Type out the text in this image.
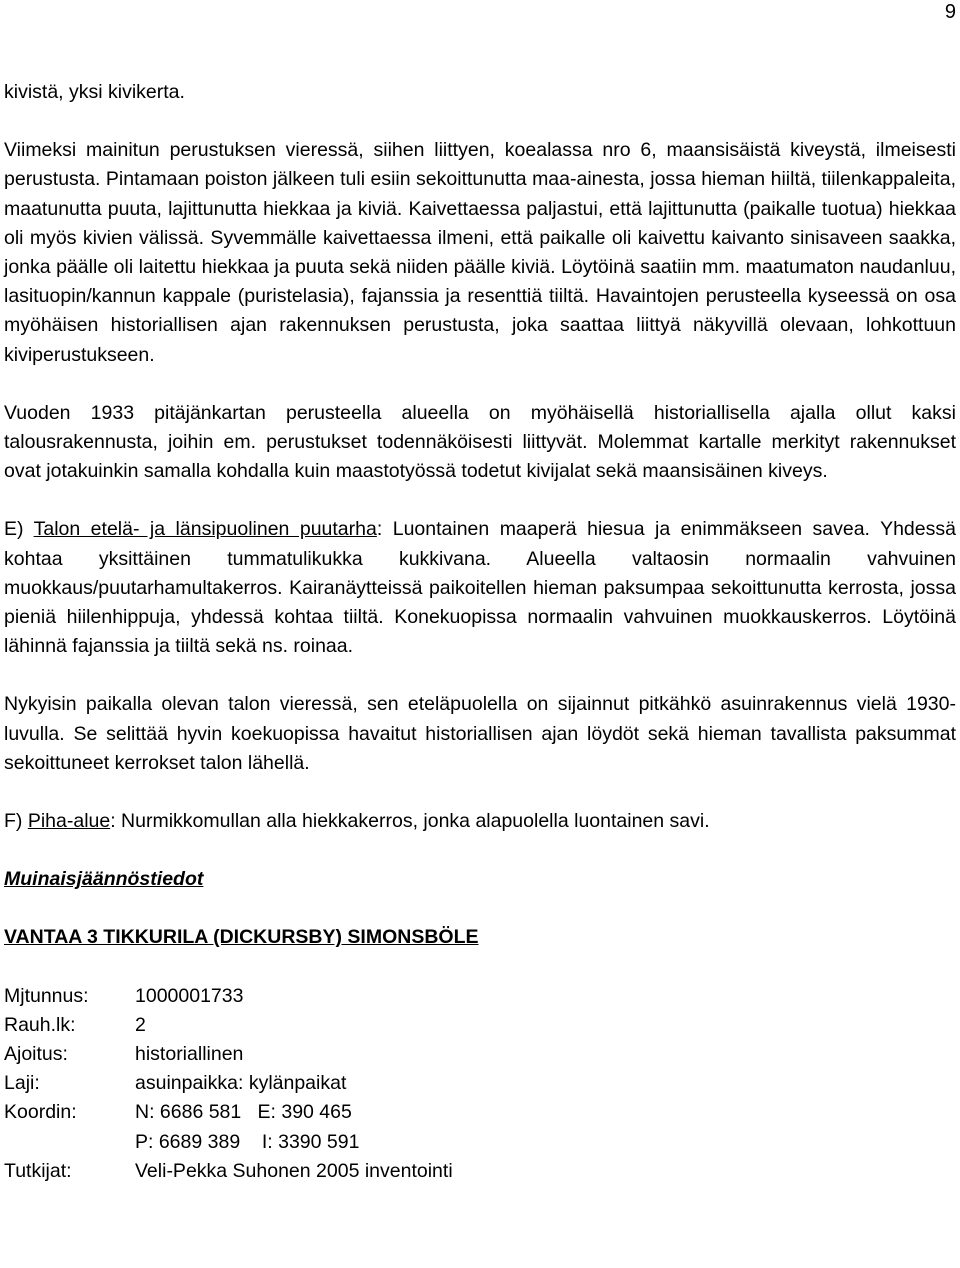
9

kivistä, yksi kivikerta.

Viimeksi mainitun perustuksen vieressä, siihen liittyen, koealassa nro 6, maansisäistä kiveystä, ilmeisesti perustusta. Pintamaan poiston jälkeen tuli esiin sekoittunutta maa-ainesta, jossa hieman hiiltä, tiilenkappaleita, maatunutta puuta, lajittunutta hiekkaa ja kiviä. Kaivettaessa paljastui, että lajittunutta (paikalle tuotua) hiekkaa oli myös kivien välissä. Syvemmälle kaivettaessa ilmeni, että paikalle oli kaivettu kaivanto sinisaveen saakka, jonka päälle oli laitettu hiekkaa ja puuta sekä niiden päälle kiviä. Löytöinä saatiin mm. maatumaton naudanluu, lasituopin/kannun kappale (puristelasia), fajanssia ja resenttiä tiiltä. Havaintojen perusteella kyseessä on osa myöhäisen historiallisen ajan rakennuksen perustusta, joka saattaa liittyä näkyvillä olevaan, lohkottuun kiviperustukseen.

Vuoden 1933 pitäjänkartan perusteella alueella on myöhäisellä historiallisella ajalla ollut kaksi talousrakennusta, joihin em. perustukset todennäköisesti liittyvät. Molemmat kartalle merkityt rakennukset ovat jotakuinkin samalla kohdalla kuin maastotyössä todetut kivijalat sekä maansisäinen kiveys.

E) Talon etelä- ja länsipuolinen puutarha: Luontainen maaperä hiesua ja enimmäkseen savea. Yhdessä kohtaa yksittäinen tummatulikukka kukkivana. Alueella valtaosin normaalin vahvuinen muokkaus/puutarhamultakerros. Kairanäytteissä paikoitellen hieman paksumpaa sekoittunutta kerrosta, jossa pieniä hiilenhippuja, yhdessä kohtaa tiiltä. Konekuopissa normaalin vahvuinen muokkauskerros. Löytöinä lähinnä fajanssia ja tiiltä sekä ns. roinaa.

Nykyisin paikalla olevan talon vieressä, sen eteläpuolella on sijainnut pitkähkö asuinrakennus vielä 1930-luvulla. Se selittää hyvin koekuopissa havaitut historiallisen ajan löydöt sekä hieman tavallista paksummat sekoittuneet kerrokset talon lähellä.

F) Piha-alue: Nurmikkomullan alla hiekkakerros, jonka alapuolella luontainen savi.

Muinaisjäännöstiedot

VANTAA 3 TIKKURILA (DICKURSBY) SIMONSBÖLE

Mjtunnus:	1000001733
Rauh.lk:	2
Ajoitus:	historiallinen
Laji:	asuinpaikka: kylänpaikat
Koordin:	N: 6686 581   E: 390 465
P: 6689 389    I: 3390 591
Tutkijat:	Veli-Pekka Suhonen 2005 inventointi
